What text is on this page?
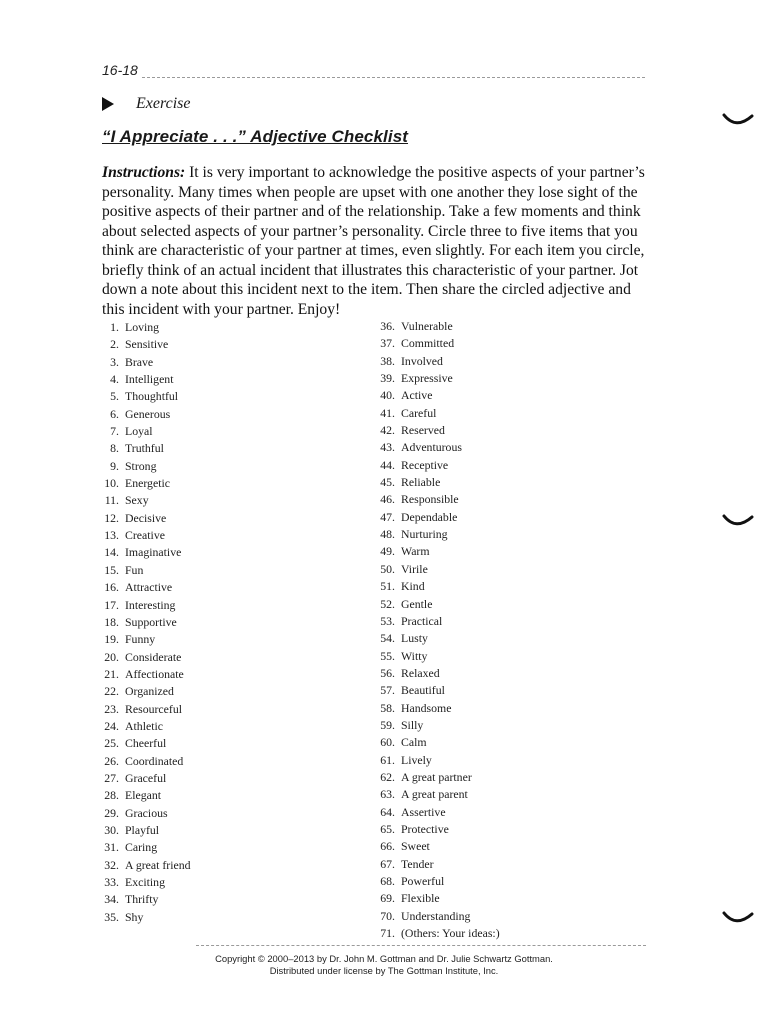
16-18
Exercise
“I Appreciate . . .” Adjective Checklist
Instructions: It is very important to acknowledge the positive aspects of your partner’s personality. Many times when people are upset with one another they lose sight of the positive aspects of their partner and of the relationship. Take a few moments and think about selected aspects of your partner’s personality. Circle three to five items that you think are characteristic of your partner at times, even slightly. For each item you circle, briefly think of an actual incident that illustrates this characteristic of your partner. Jot down a note about this incident next to the item. Then share the circled adjective and this incident with your partner. Enjoy!
1. Loving
2. Sensitive
3. Brave
4. Intelligent
5. Thoughtful
6. Generous
7. Loyal
8. Truthful
9. Strong
10. Energetic
11. Sexy
12. Decisive
13. Creative
14. Imaginative
15. Fun
16. Attractive
17. Interesting
18. Supportive
19. Funny
20. Considerate
21. Affectionate
22. Organized
23. Resourceful
24. Athletic
25. Cheerful
26. Coordinated
27. Graceful
28. Elegant
29. Gracious
30. Playful
31. Caring
32. A great friend
33. Exciting
34. Thrifty
35. Shy
36. Vulnerable
37. Committed
38. Involved
39. Expressive
40. Active
41. Careful
42. Reserved
43. Adventurous
44. Receptive
45. Reliable
46. Responsible
47. Dependable
48. Nurturing
49. Warm
50. Virile
51. Kind
52. Gentle
53. Practical
54. Lusty
55. Witty
56. Relaxed
57. Beautiful
58. Handsome
59. Silly
60. Calm
61. Lively
62. A great partner
63. A great parent
64. Assertive
65. Protective
66. Sweet
67. Tender
68. Powerful
69. Flexible
70. Understanding
71. (Others: Your ideas:)
Copyright © 2000–2013 by Dr. John M. Gottman and Dr. Julie Schwartz Gottman.
Distributed under license by The Gottman Institute, Inc.
